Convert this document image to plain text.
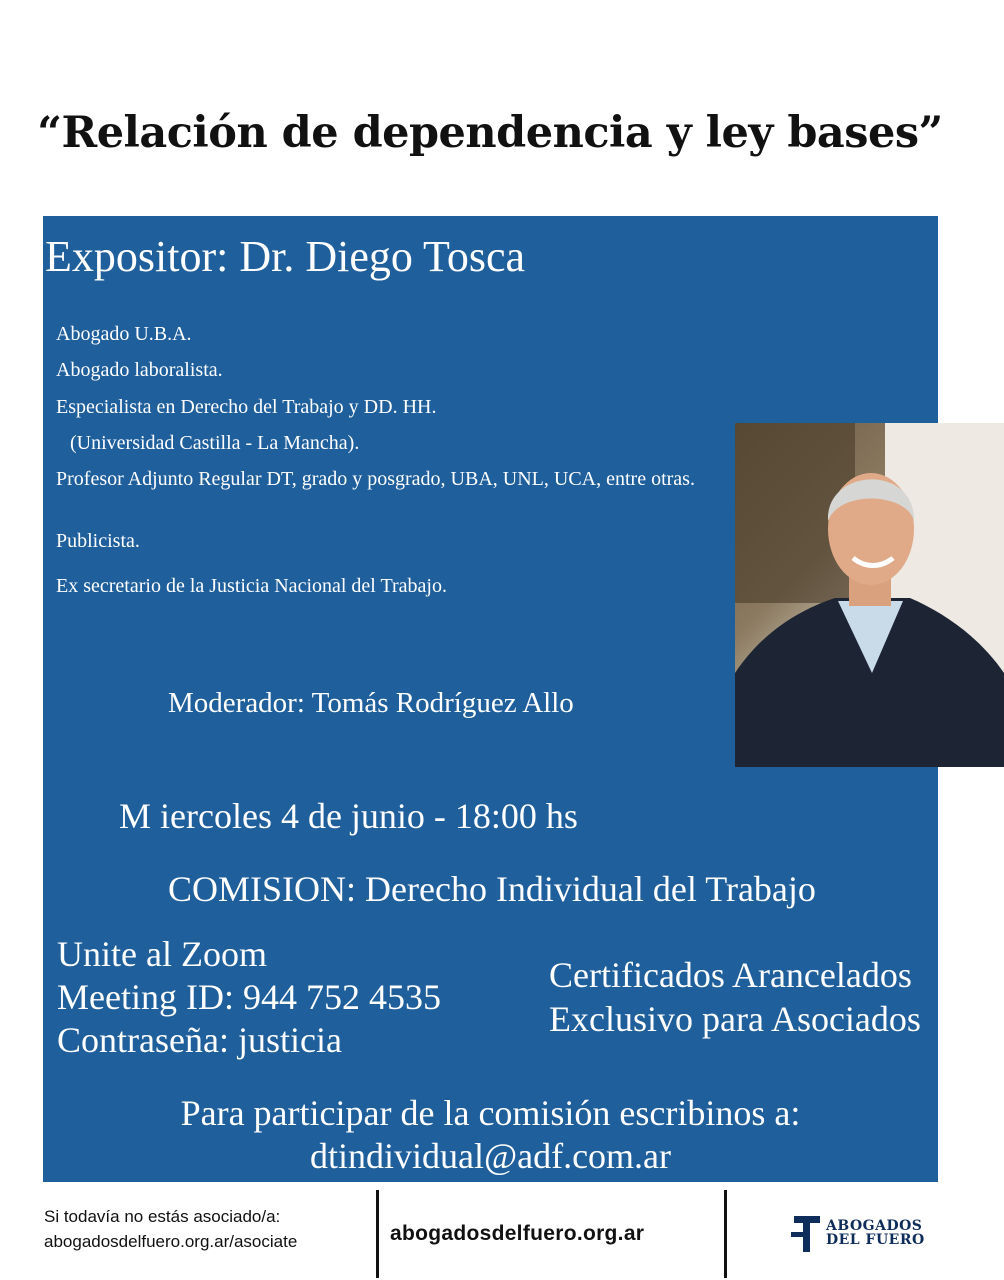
“Relación de dependencia y ley bases”
Expositor: Dr. Diego Tosca
Abogado U.B.A.
Abogado laboralista.
Especialista en Derecho del Trabajo y DD. HH.
(Universidad Castilla - La Mancha).
Profesor Adjunto Regular DT, grado y posgrado, UBA, UNL, UCA, entre otras.
Publicista.
Ex secretario de la Justicia Nacional del Trabajo.
Moderador: Tomás Rodríguez Allo
M iercoles 4 de junio - 18:00 hs
COMISION: Derecho Individual del Trabajo
Unite al Zoom
Meeting ID: 944 752 4535
Contraseña: justicia
Certificados Arancelados
Exclusivo para Asociados
Para participar de la comisión escribinos a:
dtindividual@adf.com.ar
Si todavía no estás asociado/a:
abogadosdelfuero.org.ar/asociate	abogadosdelfuero.org.ar	ABOGADOS
DEL FUERO
